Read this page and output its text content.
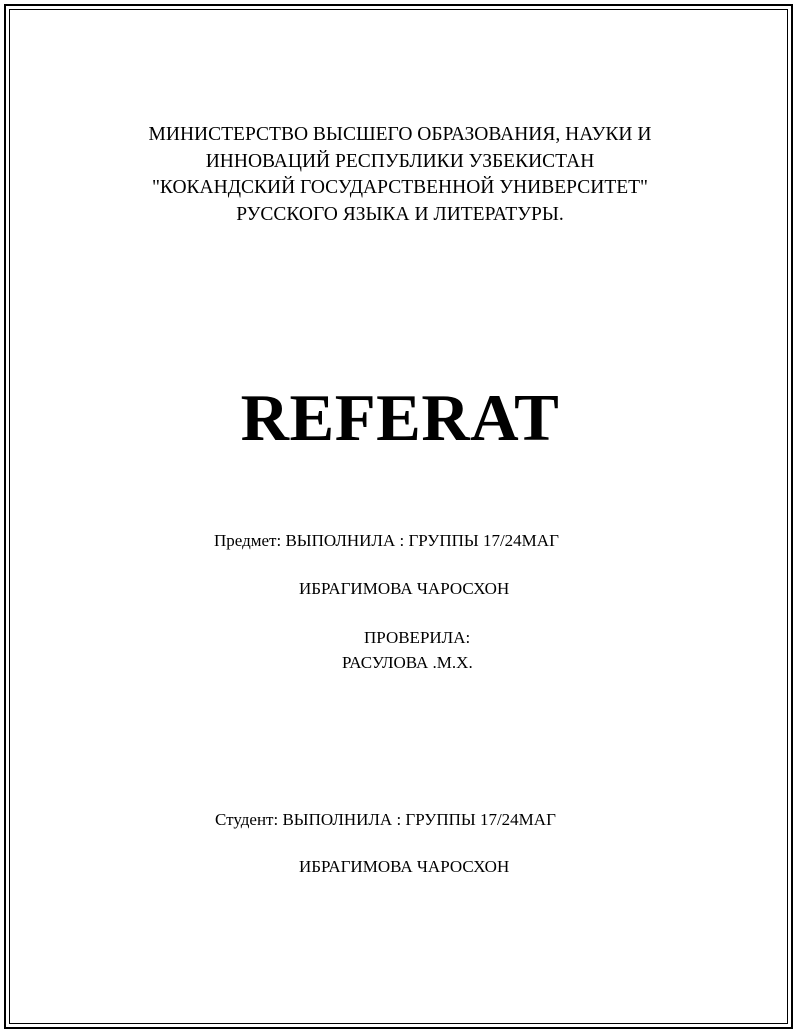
МИНИСТЕРСТВО ВЫСШЕГО ОБРАЗОВАНИЯ, НАУКИ И
ИННОВАЦИЙ РЕСПУБЛИКИ УЗБЕКИСТАН
"КОКАНДСКИЙ ГОСУДАРСТВЕННОЙ УНИВЕРСИТЕТ"
РУССКОГО ЯЗЫКА И ЛИТЕРАТУРЫ.
REFERAT
Предмет: ВЫПОЛНИЛА : ГРУППЫ 17/24МАГ
ИБРАГИМОВА ЧАРОСХОН
ПРОВЕРИЛА:
РАСУЛОВА .М.Х.
Студент: ВЫПОЛНИЛА : ГРУППЫ 17/24МАГ
ИБРАГИМОВА ЧАРОСХОН
